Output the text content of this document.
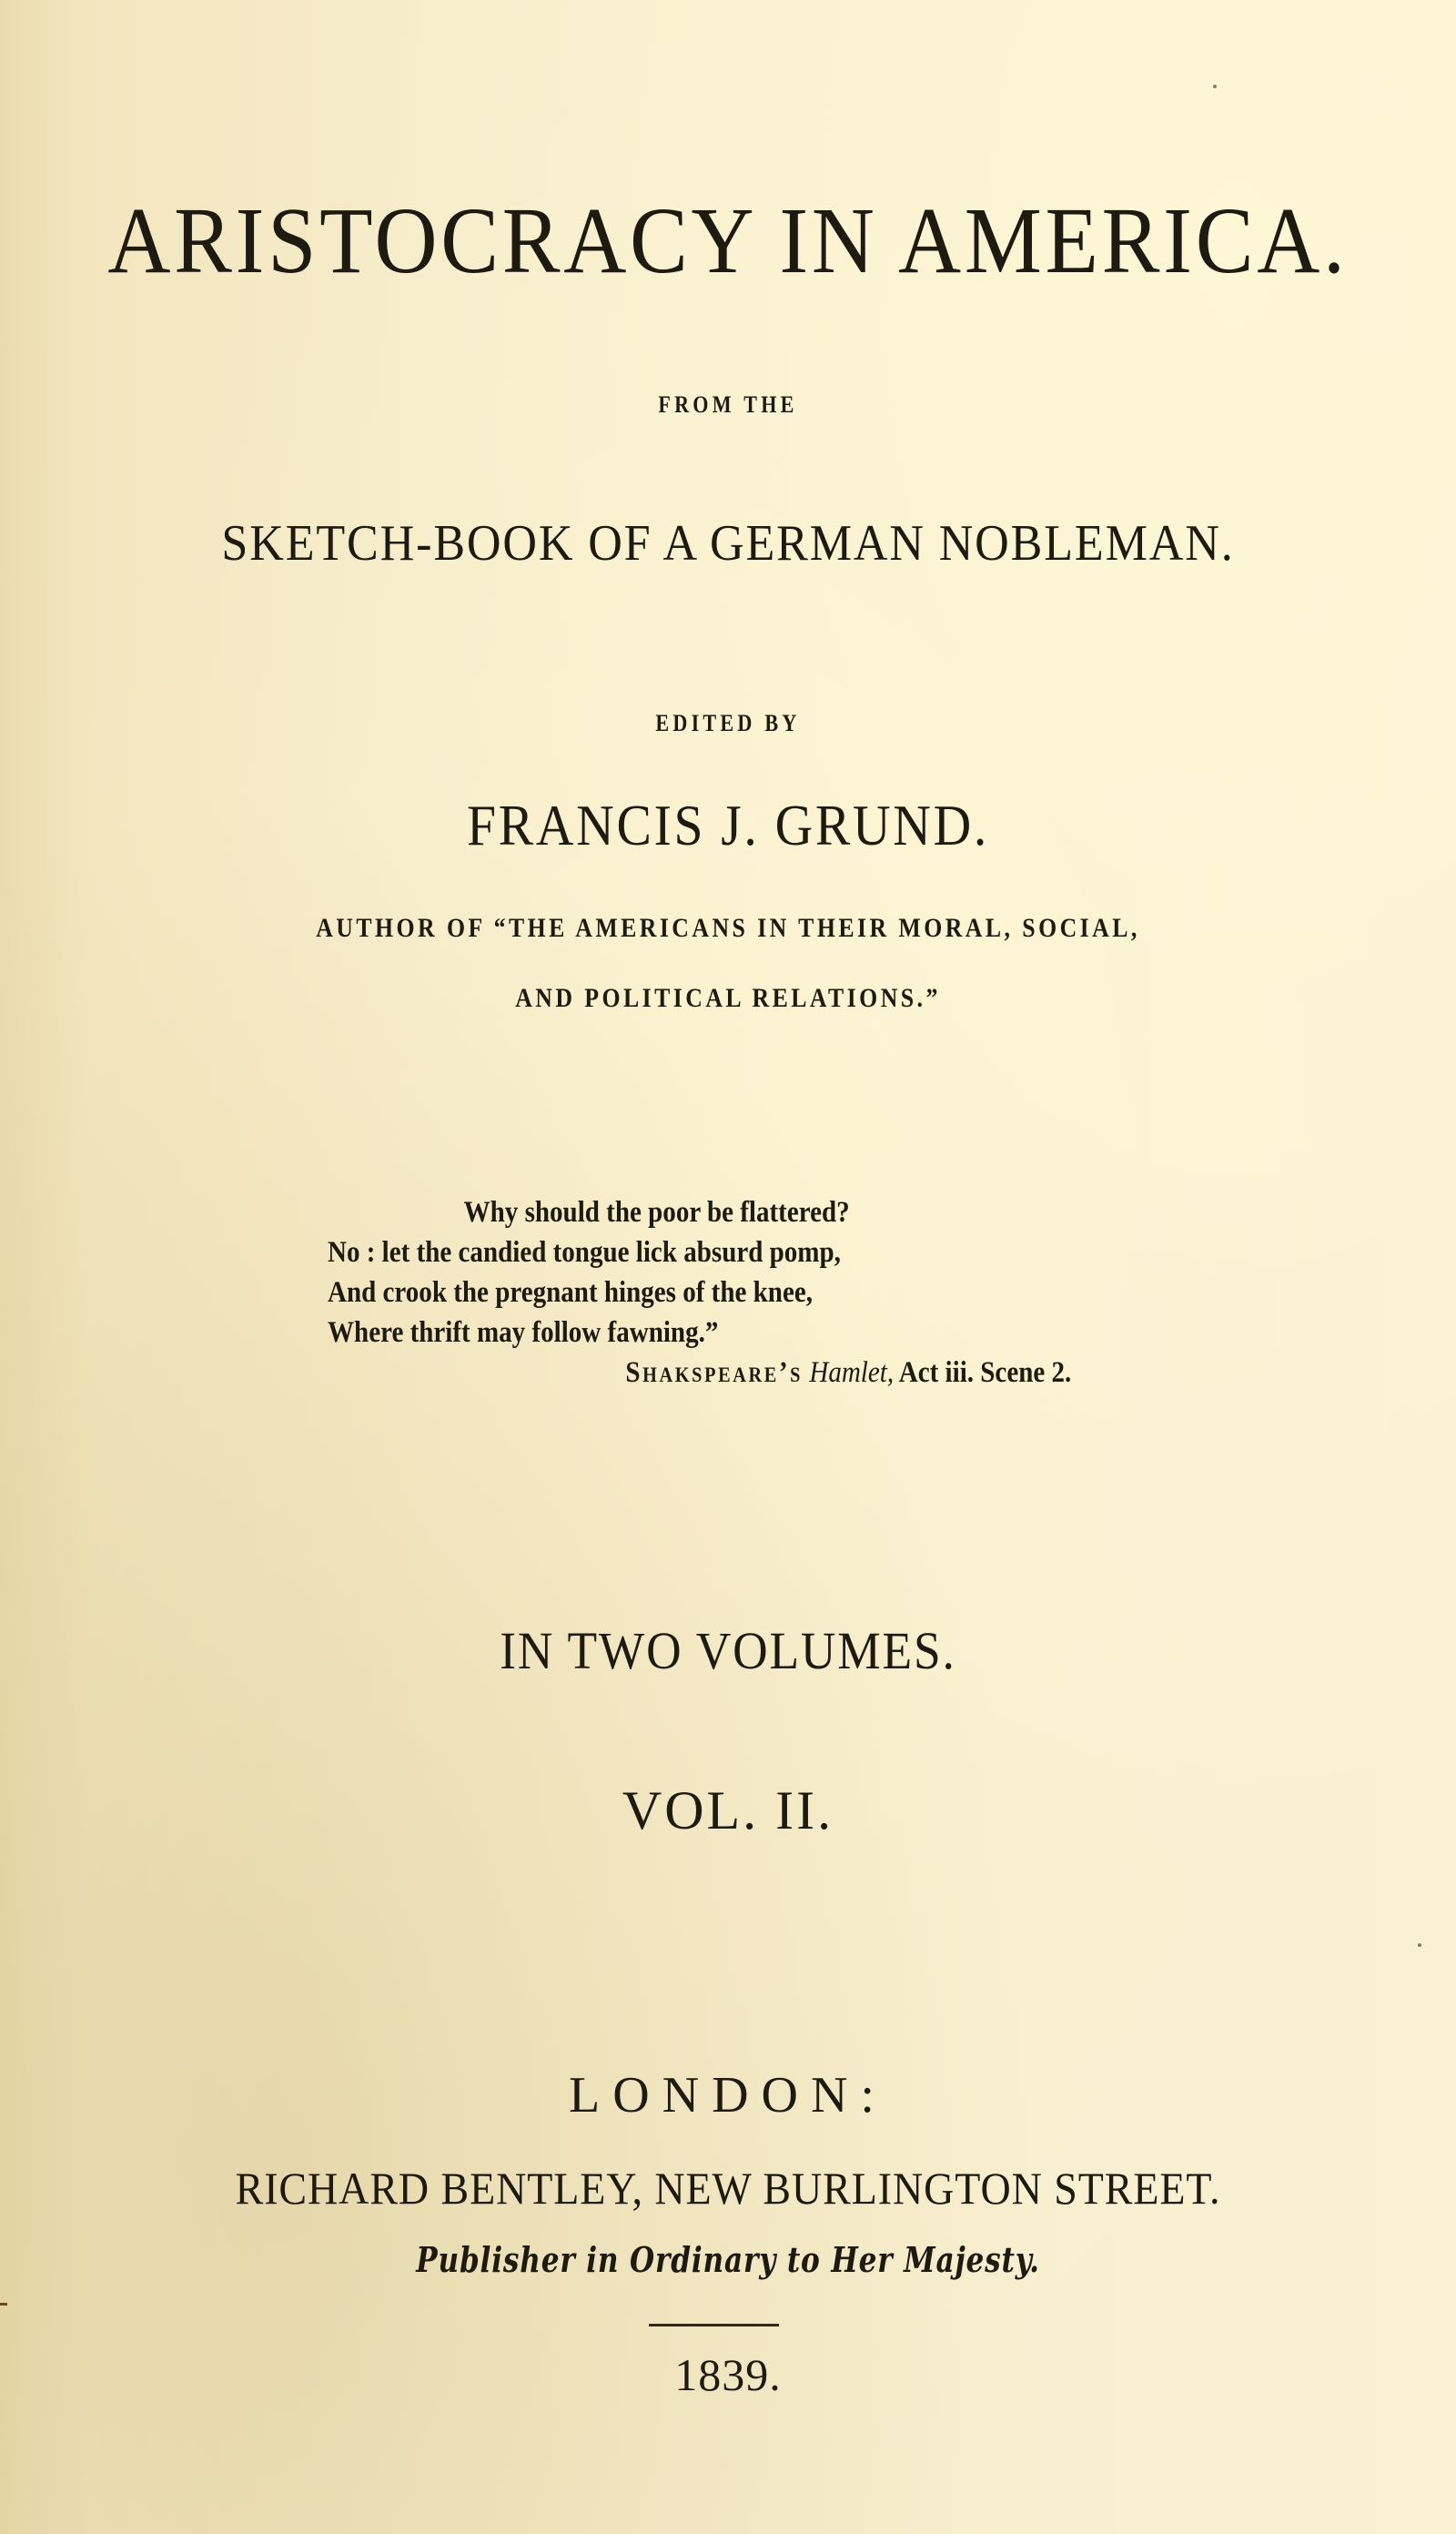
ARISTOCRACY IN AMERICA.
FROM THE
SKETCH-BOOK OF A GERMAN NOBLEMAN.
EDITED BY
FRANCIS J. GRUND.
AUTHOR OF “THE AMERICANS IN THEIR MORAL, SOCIAL,
AND POLITICAL RELATIONS.”
Why should the poor be flattered?
No : let the candied tongue lick absurd pomp,
And crook the pregnant hinges of the knee,
Where thrift may follow fawning.”
Shakspeare’s Hamlet, Act iii. Scene 2.
IN TWO VOLUMES.
VOL. II.
LONDON:
RICHARD BENTLEY, NEW BURLINGTON STREET.
Publisher in Ordinary to Her Majesty.
1839.
